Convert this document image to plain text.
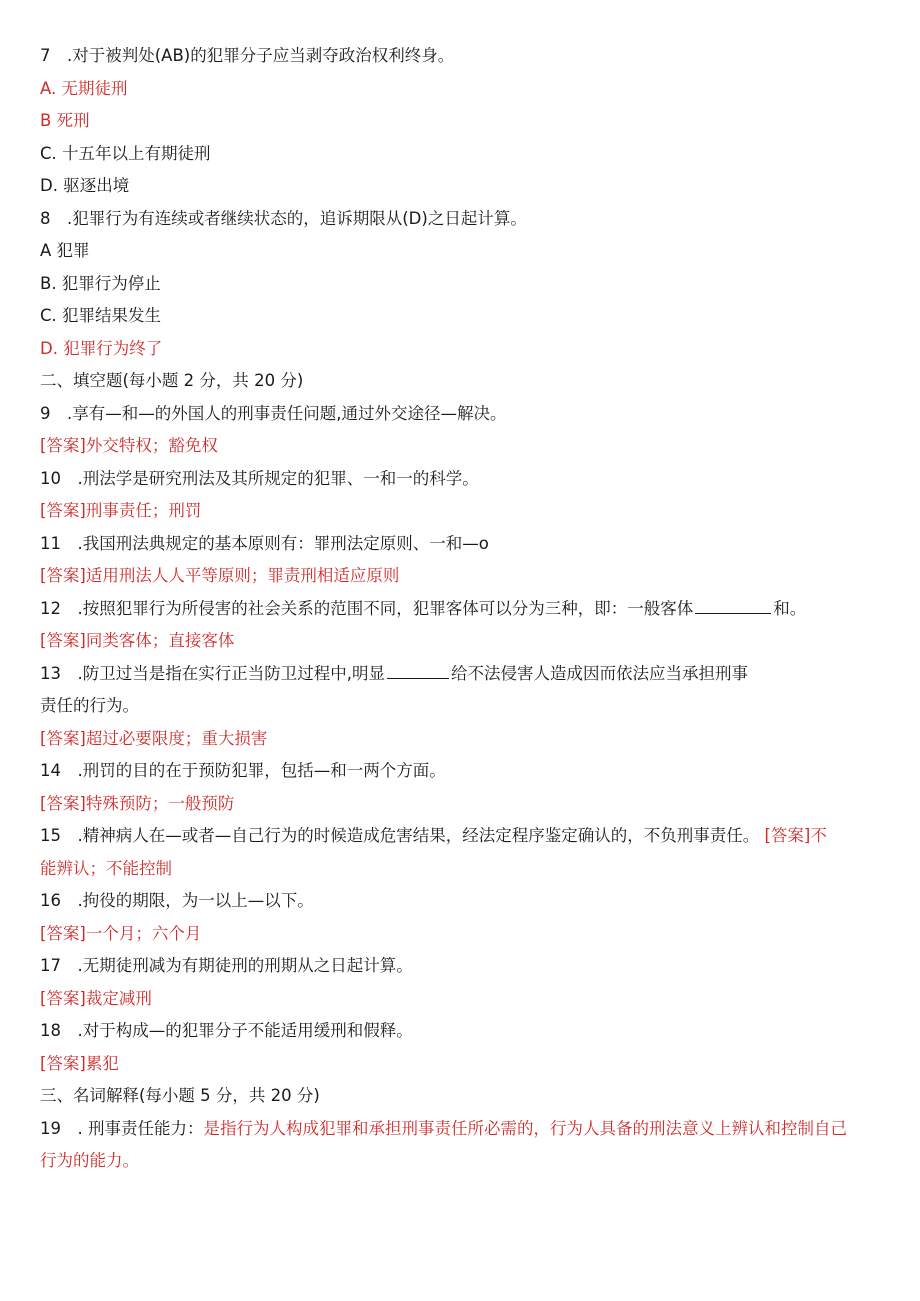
7　.对于被判处(AB)的犯罪分子应当剥夺政治权利终身。
A. 无期徒刑
B 死刑
C. 十五年以上有期徒刑
D. 驱逐出境
8　.犯罪行为有连续或者继续状态的，追诉期限从(D)之日起计算。
A 犯罪
B. 犯罪行为停止
C. 犯罪结果发生
D. 犯罪行为终了
二、填空题(每小题 2 分，共 20 分)
9　.享有—和—的外国人的刑事责任问题,通过外交途径—解决。
[答案]外交特权；豁免权
10　.刑法学是研究刑法及其所规定的犯罪、一和一的科学。
[答案]刑事责任；刑罚
11　.我国刑法典规定的基本原则有：罪刑法定原则、一和—o
[答案]适用刑法人人平等原则；罪责刑相适应原则
12　.按照犯罪行为所侵害的社会关系的范围不同，犯罪客体可以分为三种，即：一般客体	和。
[答案]同类客体；直接客体
13　.防卫过当是指在实行正当防卫过程中,明显	给不法侵害人造成因而依法应当承担刑事
责任的行为。
[答案]超过必要限度；重大损害
14　.刑罚的目的在于预防犯罪，包括—和一两个方面。
[答案]特殊预防；一般预防
15　.精神病人在—或者—自己行为的时候造成危害结果，经法定程序鉴定确认的，不负刑事责任。 [答案]不
能辨认；不能控制
16　.拘役的期限，为一以上—以下。
[答案]一个月；六个月
17　.无期徒刑减为有期徒刑的刑期从之日起计算。
[答案]裁定减刑
18　.对于构成—的犯罪分子不能适用缓刑和假释。
[答案]累犯
三、名词解释(每小题 5 分，共 20 分)
19　. 刑事责任能力：是指行为人构成犯罪和承担刑事责任所必需的，行为人具备的刑法意义上辨认和控制自己
行为的能力。
